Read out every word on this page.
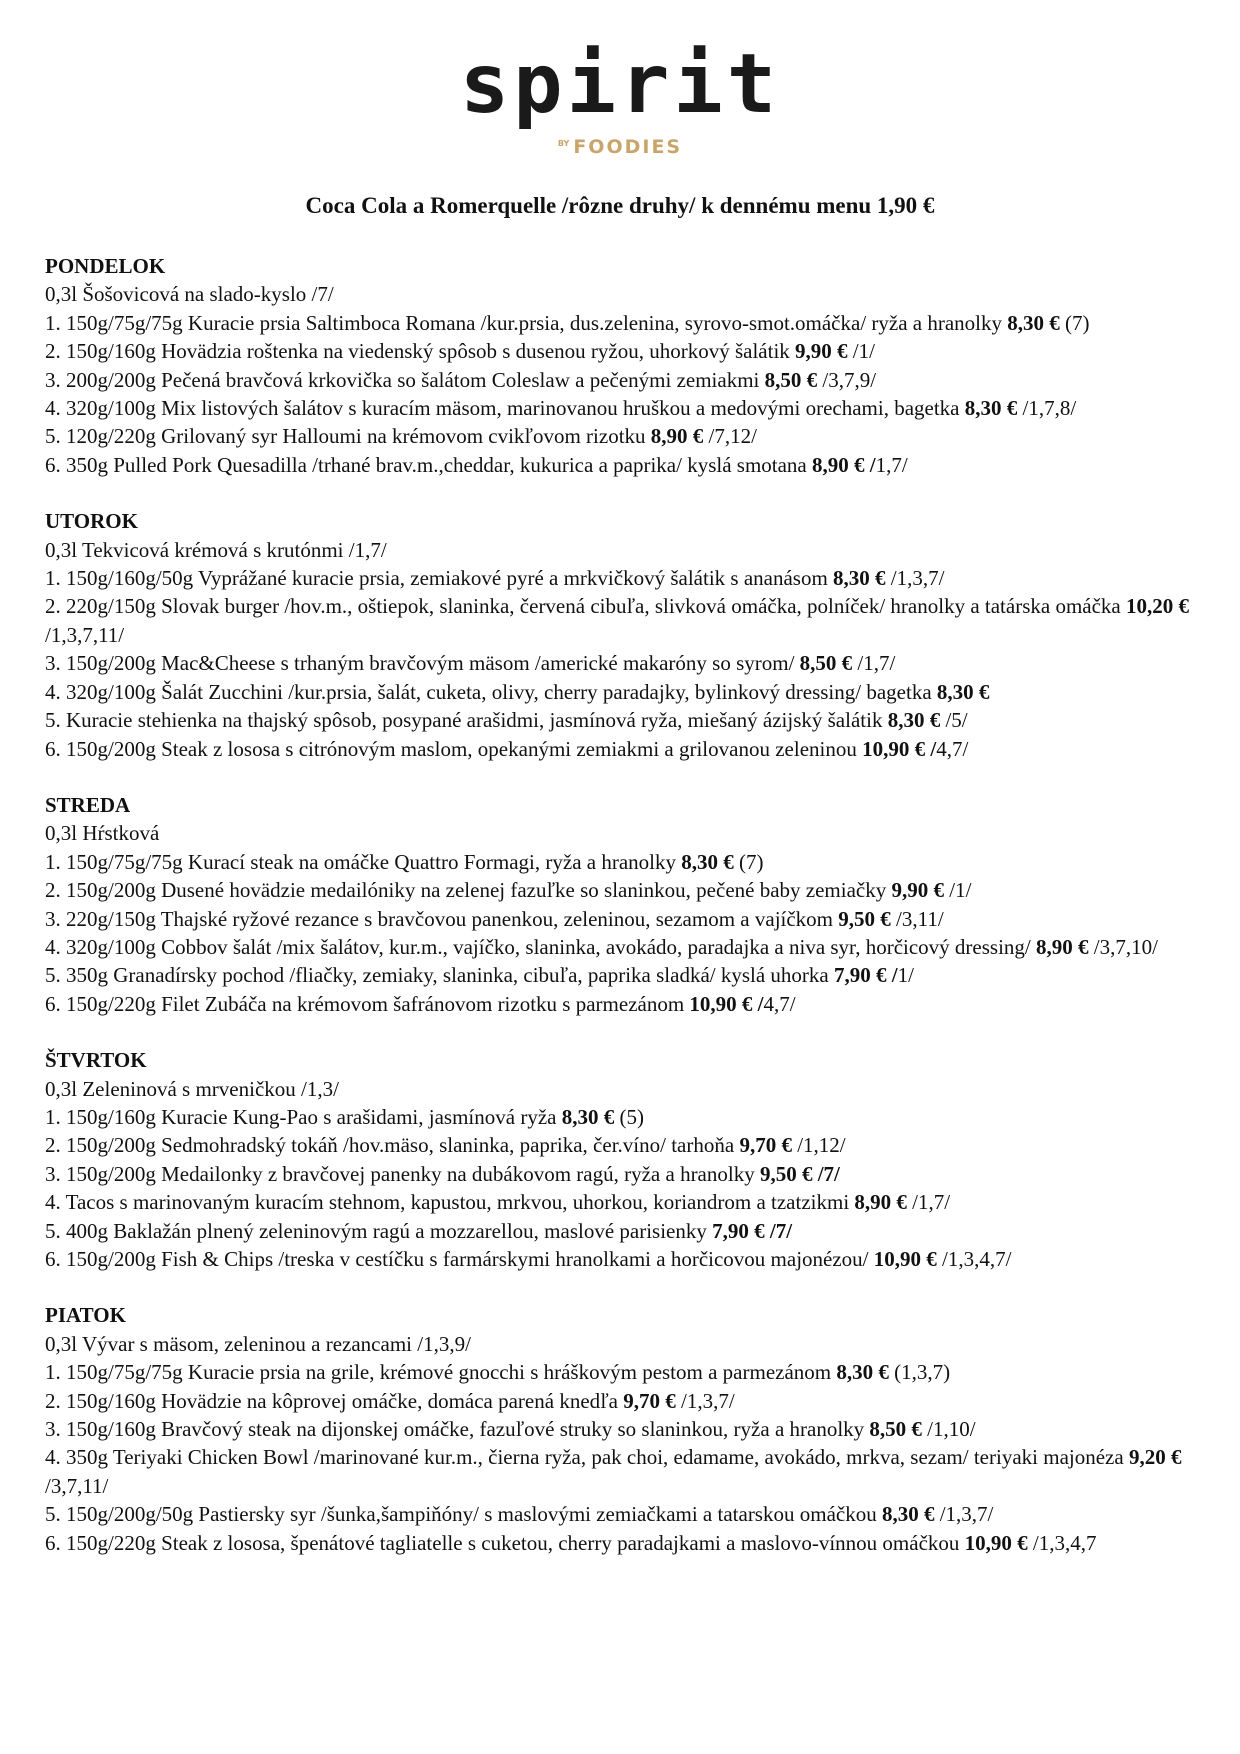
spirit
$^{BY}$ FOODIES
Coca Cola a Romerquelle /rôzne druhy/ k dennému menu 1,90 €
PONDELOK
0,3l Šošovicová na slado-kyslo /7/
1. 150g/75g/75g Kuracie prsia Saltimboca Romana /kur.prsia, dus.zelenina, syrovo-smot.omáčka/ ryža a hranolky 8,30 € (7)
2. 150g/160g Hovädzia roštenka na viedenský spôsob s dusenou ryžou, uhorkový šalátik 9,90 € /1/
3. 200g/200g Pečená bravčová krkovička so šalátom Coleslaw a pečenými zemiakmi 8,50 € /3,7,9/
4. 320g/100g Mix listových šalátov s kuracím mäsom, marinovanou hruškou a medovými orechami, bagetka 8,30 € /1,7,8/
5. 120g/220g Grilovaný syr Halloumi na krémovom cvikľovom rizotku 8,90 € /7,12/
6. 350g Pulled Pork Quesadilla /trhané brav.m.,cheddar, kukurica a paprika/ kyslá smotana 8,90 € /1,7/
UTOROK
0,3l Tekvicová krémová s krutónmi /1,7/
1. 150g/160g/50g Vyprážané kuracie prsia, zemiakové pyré a mrkvičkový šalátik s ananásom 8,30 € /1,3,7/
2. 220g/150g Slovak burger /hov.m., oštiepok, slaninka, červená cibuľa, slivková omáčka, polníček/ hranolky a tatárska omáčka 10,20 € /1,3,7,11/
3. 150g/200g Mac&Cheese s trhaným bravčovým mäsom /americké makaróny so syrom/ 8,50 € /1,7/
4. 320g/100g Šalát Zucchini /kur.prsia, šalát, cuketa, olivy, cherry paradajky, bylinkový dressing/ bagetka 8,30 €
5. Kuracie stehienka na thajský spôsob, posypané arašidmi, jasmínová ryža, miešaný ázijský šalátik 8,30 € /5/
6. 150g/200g Steak z lososa s citrónovým maslom, opekanými zemiakmi a grilovanou zeleninou 10,90 € /4,7/
STREDA
0,3l Hŕstková
1. 150g/75g/75g Kurací steak na omáčke Quattro Formagi, ryža a hranolky 8,30 € (7)
2. 150g/200g Dusené hovädzie medailóniky na zelenej fazuľke so slaninkou, pečené baby zemiačky 9,90 € /1/
3. 220g/150g Thajské ryžové rezance s bravčovou panenkou, zeleninou, sezamom a vajíčkom 9,50 € /3,11/
4. 320g/100g Cobbov šalát /mix šalátov, kur.m., vajíčko, slaninka, avokádo, paradajka a niva syr, horčicový dressing/ 8,90 € /3,7,10/
5. 350g Granadírsky pochod /fliačky, zemiaky, slaninka, cibuľa, paprika sladká/ kyslá uhorka 7,90 € /1/
6. 150g/220g Filet Zubáča na krémovom šafránovom rizotku s parmezánom 10,90 € /4,7/
ŠTVRTOK
0,3l Zeleninová s mrveničkou /1,3/
1. 150g/160g Kuracie Kung-Pao s arašidami, jasmínová ryža 8,30 € (5)
2. 150g/200g Sedmohradský tokáň /hov.mäso, slaninka, paprika, čer.víno/ tarhoňa 9,70 € /1,12/
3. 150g/200g Medailonky z bravčovej panenky na dubákovom ragú, ryža a hranolky 9,50 € /7/
4. Tacos s marinovaným kuracím stehnom, kapustou, mrkvou, uhorkou, koriandrom a tzatzikmi 8,90 € /1,7/
5. 400g Baklažán plnený zeleninovým ragú a mozzarellou, maslové parisienky 7,90 € /7/
6. 150g/200g Fish & Chips /treska v cestíčku s farmárskymi hranolkami a horčicovou majonézou/ 10,90 € /1,3,4,7/
PIATOK
0,3l Vývar s mäsom, zeleninou a rezancami /1,3,9/
1. 150g/75g/75g Kuracie prsia na grile, krémové gnocchi s hráškovým pestom a parmezánom 8,30 € (1,3,7)
2. 150g/160g Hovädzie na kôprovej omáčke, domáca parená knedľa 9,70 € /1,3,7/
3. 150g/160g Bravčový steak na dijonskej omáčke, fazuľové struky so slaninkou, ryža a hranolky 8,50 € /1,10/
4. 350g Teriyaki Chicken Bowl /marinované kur.m., čierna ryža, pak choi, edamame, avokádo, mrkva, sezam/ teriyaki majonéza 9,20 € /3,7,11/
5. 150g/200g/50g Pastiersky syr /šunka,šampiňóny/ s maslovými zemiačkami a tatarskou omáčkou 8,30 € /1,3,7/
6. 150g/220g Steak z lososa, špenátové tagliatelle s cuketou, cherry paradajkami a maslovo-vínnou omáčkou 10,90 € /1,3,4,7
